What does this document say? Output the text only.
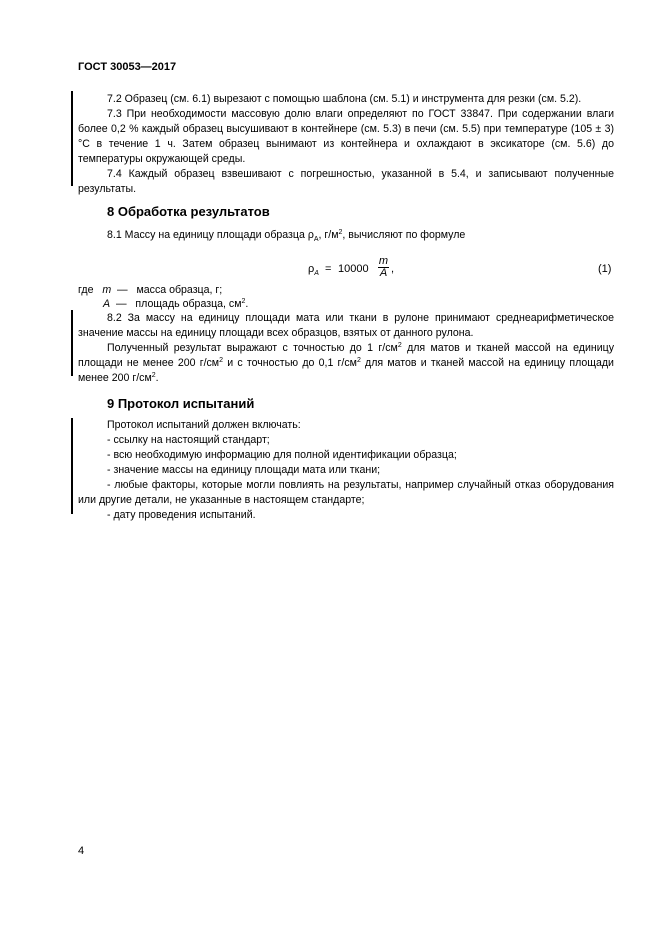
ГОСТ 30053—2017

7.2 Образец (см. 6.1) вырезают с помощью шаблона (см. 5.1) и инструмента для резки (см. 5.2).

7.3 При необходимости массовую долю влаги определяют по ГОСТ 33847. При содержании влаги более 0,2 % каждый образец высушивают в контейнере (см. 5.3) в печи (см. 5.5) при температуре (105 ± 3) °С в течение 1 ч. Затем образец вынимают из контейнера и охлаждают в эксикаторе (см. 5.6) до температуры окружающей среды.

7.4 Каждый образец взвешивают с погрешностью, указанной в 5.4, и записывают полученные результаты.

8 Обработка результатов

8.1 Массу на единицу площади образца $\rho_A$, $г/м^2$, вычисляют по формуле

$\rho_A = 10000$
m
A ,	(1)
где m — масса образца, г;
A — площадь образца, $см^2$.

8.2 За массу на единицу площади мата или ткани в рулоне принимают среднеарифметическое значение массы на единицу площади всех образцов, взятых от данного рулона.

Полученный результат выражают с точностью до 1 $г/см^2$ для матов и тканей массой на единицу площади не менее 200 $г/см^2$ и с точностью до 0,1 $г/см^2$ для матов и тканей массой на единицу площади менее 200 $г/см^2$.

9 Протокол испытаний
Протокол испытаний должен включать:
- ссылку на настоящий стандарт;
- всю необходимую информацию для полной идентификации образца;
- значение массы на единицу площади мата или ткани;
- любые факторы, которые могли повлиять на результаты, например случайный отказ оборудования или другие детали, не указанные в настоящем стандарте;
- дату проведения испытаний.
4
